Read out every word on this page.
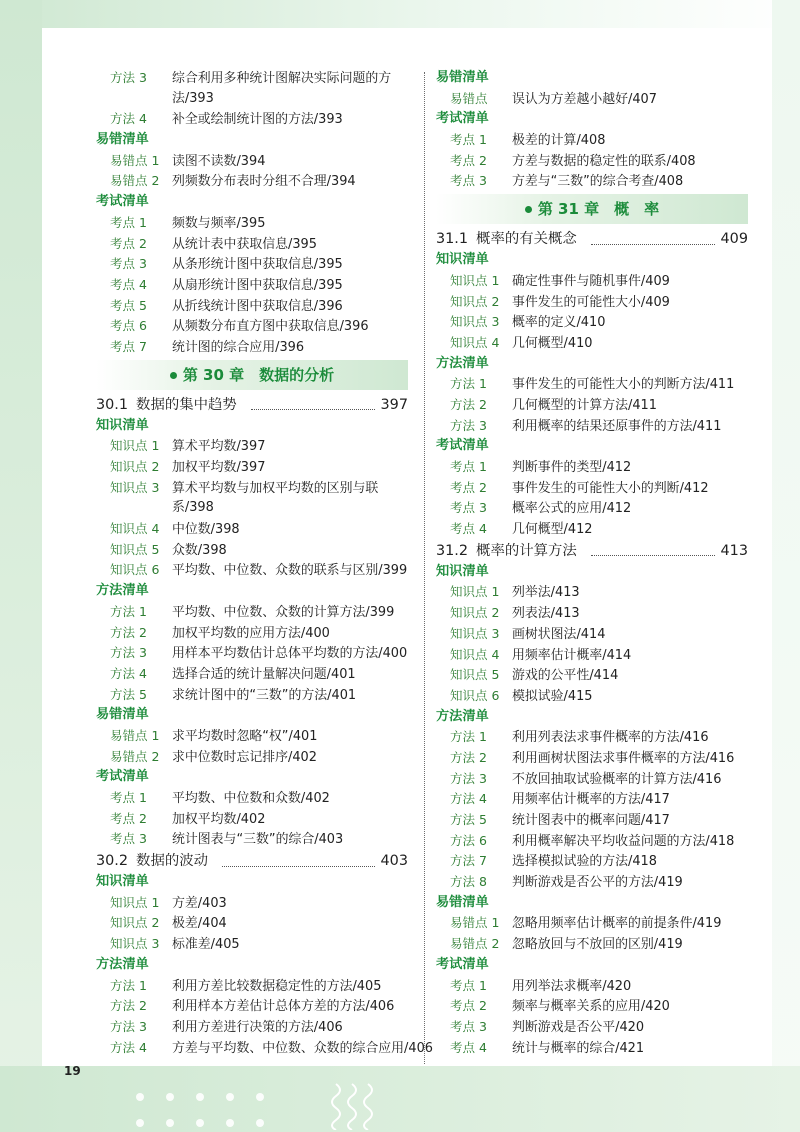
方法 3 综合利用多种统计图解决实际问题的方
法/393
方法 4 补全或绘制统计图的方法/393
易错清单
易错点 1 读图不读数/394
易错点 2 列频数分布表时分组不合理/394
考试清单
考点 1 频数与频率/395
考点 2 从统计表中获取信息/395
考点 3 从条形统计图中获取信息/395
考点 4 从扇形统计图中获取信息/395
考点 5 从折线统计图中获取信息/396
考点 6 从频数分布直方图中获取信息/396
考点 7 统计图的综合应用/396
第 30 章　数据的分析
30.1 数据的集中趋势	397
知识清单
知识点 1 算术平均数/397
知识点 2 加权平均数/397
知识点 3 算术平均数与加权平均数的区别与联
系/398
知识点 4 中位数/398
知识点 5 众数/398
知识点 6 平均数、中位数、众数的联系与区别/399
方法清单
方法 1 平均数、中位数、众数的计算方法/399
方法 2 加权平均数的应用方法/400
方法 3 用样本平均数估计总体平均数的方法/400
方法 4 选择合适的统计量解决问题/401
方法 5 求统计图中的“三数”的方法/401
易错清单
易错点 1 求平均数时忽略“权”/401
易错点 2 求中位数时忘记排序/402
考试清单
考点 1 平均数、中位数和众数/402
考点 2 加权平均数/402
考点 3 统计图表与“三数”的综合/403
30.2 数据的波动	403
知识清单
知识点 1 方差/403
知识点 2 极差/404
知识点 3 标准差/405
方法清单
方法 1 利用方差比较数据稳定性的方法/405
方法 2 利用样本方差估计总体方差的方法/406
方法 3 利用方差进行决策的方法/406
方法 4 方差与平均数、中位数、众数的综合应用/406
易错清单
易错点 误认为方差越小越好/407
考试清单
考点 1 极差的计算/408
考点 2 方差与数据的稳定性的联系/408
考点 3 方差与“三数”的综合考查/408
第 31 章　概　率
31.1 概率的有关概念	409
知识清单
知识点 1 确定性事件与随机事件/409
知识点 2 事件发生的可能性大小/409
知识点 3 概率的定义/410
知识点 4 几何概型/410
方法清单
方法 1 事件发生的可能性大小的判断方法/411
方法 2 几何概型的计算方法/411
方法 3 利用概率的结果还原事件的方法/411
考试清单
考点 1 判断事件的类型/412
考点 2 事件发生的可能性大小的判断/412
考点 3 概率公式的应用/412
考点 4 几何概型/412
31.2 概率的计算方法	413
知识清单
知识点 1 列举法/413
知识点 2 列表法/413
知识点 3 画树状图法/414
知识点 4 用频率估计概率/414
知识点 5 游戏的公平性/414
知识点 6 模拟试验/415
方法清单
方法 1 利用列表法求事件概率的方法/416
方法 2 利用画树状图法求事件概率的方法/416
方法 3 不放回抽取试验概率的计算方法/416
方法 4 用频率估计概率的方法/417
方法 5 统计图表中的概率问题/417
方法 6 利用概率解决平均收益问题的方法/418
方法 7 选择模拟试验的方法/418
方法 8 判断游戏是否公平的方法/419
易错清单
易错点 1 忽略用频率估计概率的前提条件/419
易错点 2 忽略放回与不放回的区别/419
考试清单
考点 1 用列举法求概率/420
考点 2 频率与概率关系的应用/420
考点 3 判断游戏是否公平/420
考点 4 统计与概率的综合/421
19
